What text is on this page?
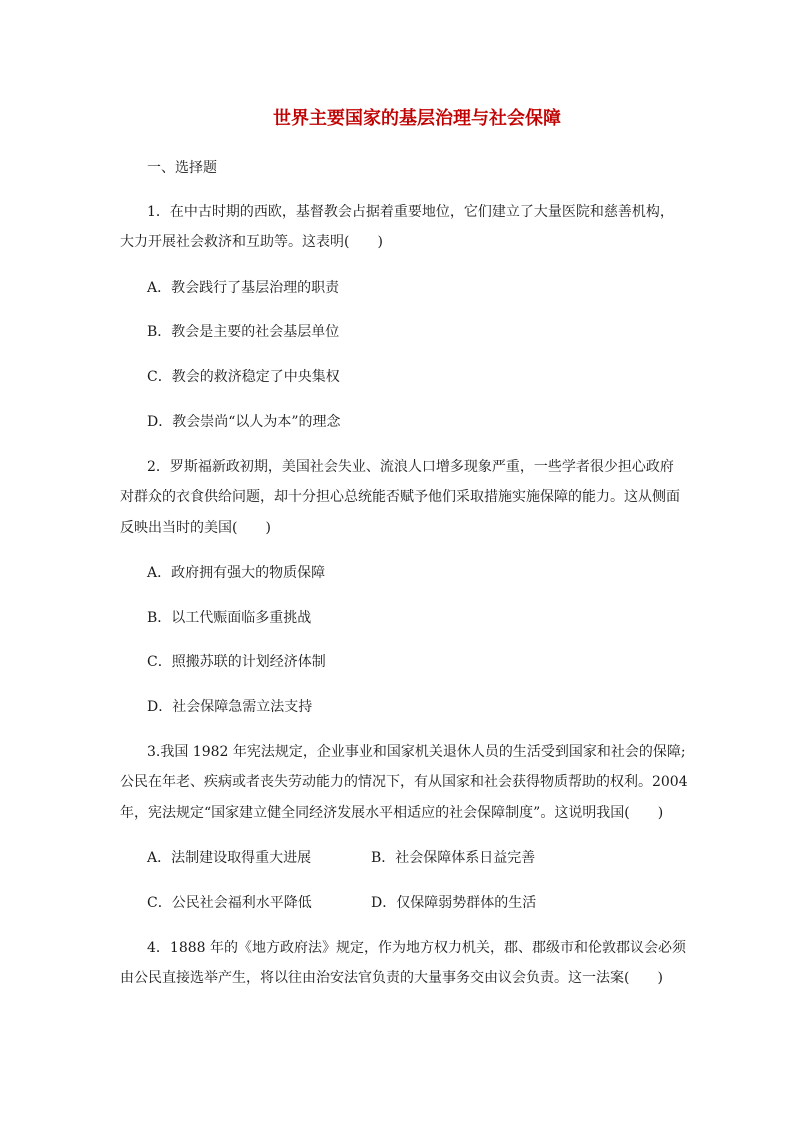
世界主要国家的基层治理与社会保障
一、选择题
1．在中古时期的西欧，基督教会占据着重要地位，它们建立了大量医院和慈善机构，
大力开展社会救济和互助等。这表明(　　)
A．教会践行了基层治理的职责
B．教会是主要的社会基层单位
C．教会的救济稳定了中央集权
D．教会崇尚“以人为本”的理念
2．罗斯福新政初期，美国社会失业、流浪人口增多现象严重，一些学者很少担心政府
对群众的衣食供给问题，却十分担心总统能否赋予他们采取措施实施保障的能力。这从侧面
反映出当时的美国(　　)
A．政府拥有强大的物质保障
B．以工代赈面临多重挑战
C．照搬苏联的计划经济体制
D．社会保障急需立法支持
3.我国 1982 年宪法规定，企业事业和国家机关退休人员的生活受到国家和社会的保障;
公民在年老、疾病或者丧失劳动能力的情况下，有从国家和社会获得物质帮助的权利。2004
年，宪法规定“国家建立健全同经济发展水平相适应的社会保障制度”。这说明我国(　　)
A．法制建设取得重大进展	B．社会保障体系日益完善
C．公民社会福利水平降低	D．仅保障弱势群体的生活
4．1888 年的《地方政府法》规定，作为地方权力机关，郡、郡级市和伦敦郡议会必须
由公民直接选举产生，将以往由治安法官负责的大量事务交由议会负责。这一法案(　　)
